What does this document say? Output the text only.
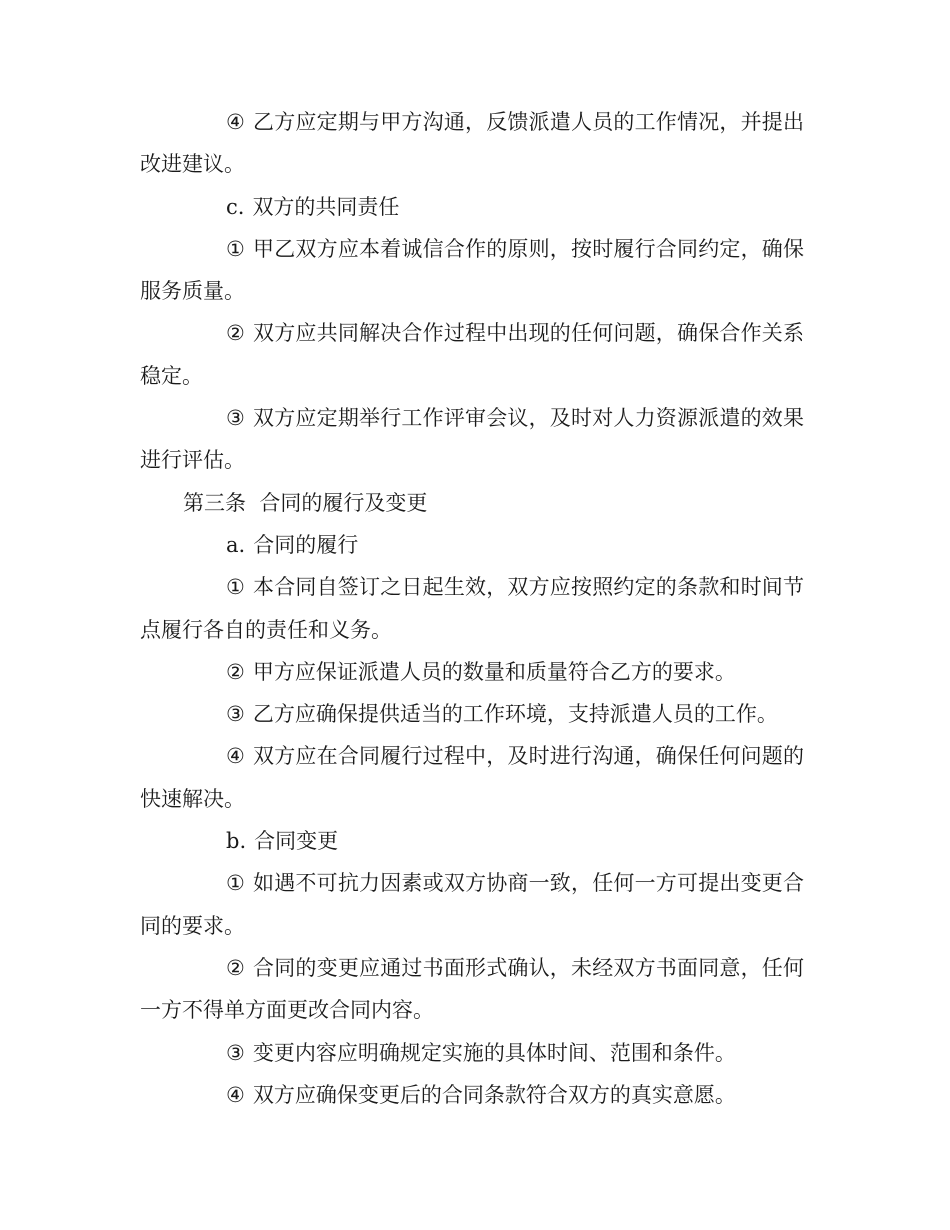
④ 乙方应定期与甲方沟通，反馈派遣人员的工作情况，并提出改进建议。

c. 双方的共同责任

① 甲乙双方应本着诚信合作的原则，按时履行合同约定，确保服务质量。

② 双方应共同解决合作过程中出现的任何问题，确保合作关系稳定。

③ 双方应定期举行工作评审会议，及时对人力资源派遣的效果进行评估。

第三条  合同的履行及变更

a. 合同的履行

① 本合同自签订之日起生效，双方应按照约定的条款和时间节点履行各自的责任和义务。

② 甲方应保证派遣人员的数量和质量符合乙方的要求。

③ 乙方应确保提供适当的工作环境，支持派遣人员的工作。

④ 双方应在合同履行过程中，及时进行沟通，确保任何问题的快速解决。

b. 合同变更

① 如遇不可抗力因素或双方协商一致，任何一方可提出变更合同的要求。

② 合同的变更应通过书面形式确认，未经双方书面同意，任何一方不得单方面更改合同内容。

③ 变更内容应明确规定实施的具体时间、范围和条件。

④ 双方应确保变更后的合同条款符合双方的真实意愿。
